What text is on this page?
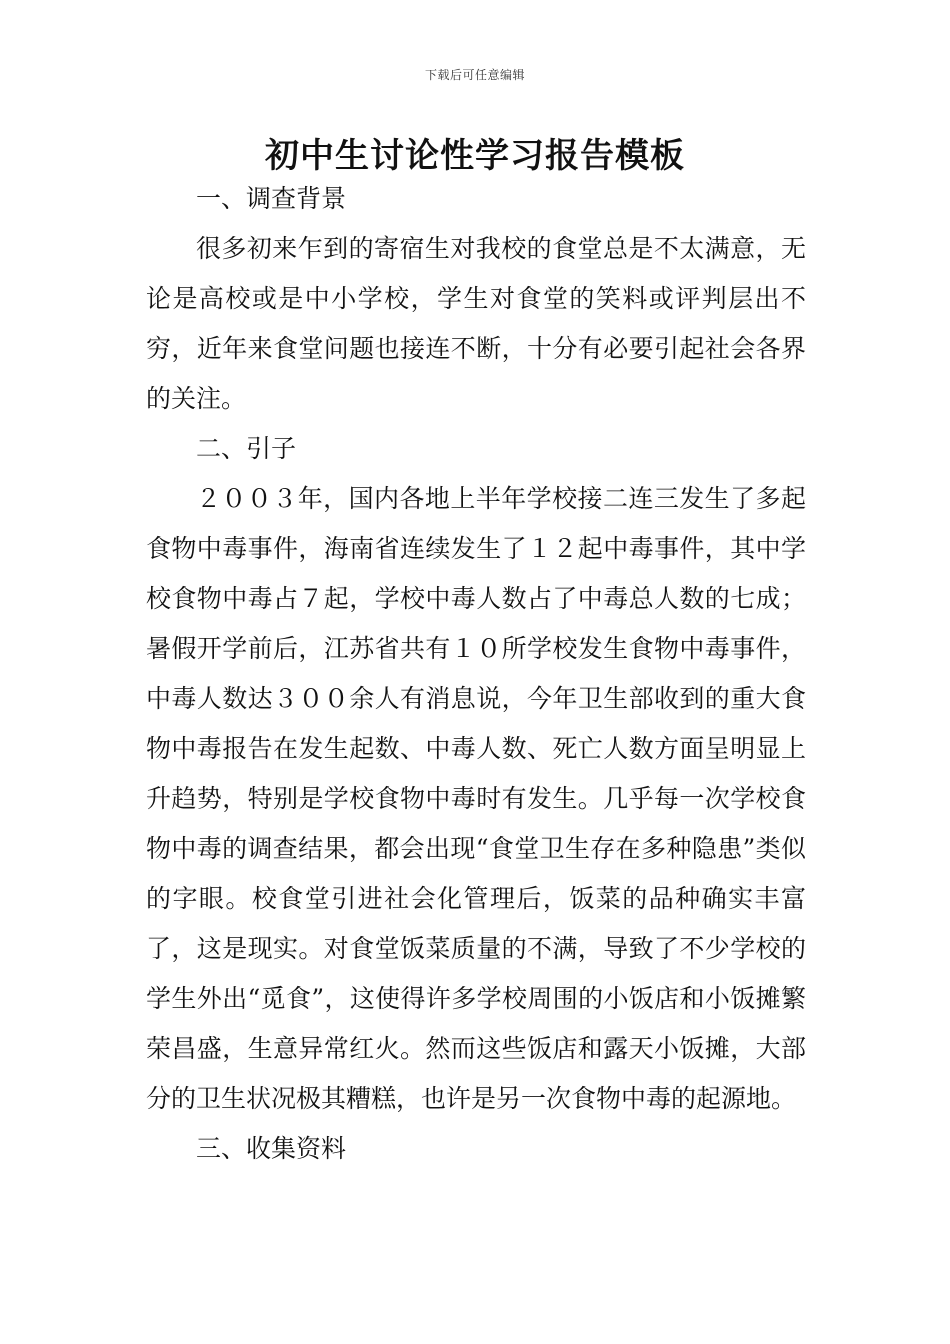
下载后可任意编辑
初中生讨论性学习报告模板
一、调查背景

很多初来乍到的寄宿生对我校的食堂总是不太满意，无论是高校或是中小学校，学生对食堂的笑料或评判层出不穷，近年来食堂问题也接连不断，十分有必要引起社会各界的关注。

二、引子

２００３年，国内各地上半年学校接二连三发生了多起食物中毒事件，海南省连续发生了１２起中毒事件，其中学校食物中毒占７起，学校中毒人数占了中毒总人数的七成；暑假开学前后，江苏省共有１０所学校发生食物中毒事件，中毒人数达３００余人有消息说，今年卫生部收到的重大食物中毒报告在发生起数、中毒人数、死亡人数方面呈明显上升趋势，特别是学校食物中毒时有发生。几乎每一次学校食物中毒的调查结果，都会出现“食堂卫生存在多种隐患”类似的字眼。校食堂引进社会化管理后，饭菜的品种确实丰富了，这是现实。对食堂饭菜质量的不满，导致了不少学校的学生外出“觅食”，这使得许多学校周围的小饭店和小饭摊繁荣昌盛，生意异常红火。然而这些饭店和露天小饭摊，大部分的卫生状况极其糟糕，也许是另一次食物中毒的起源地。

三、收集资料
